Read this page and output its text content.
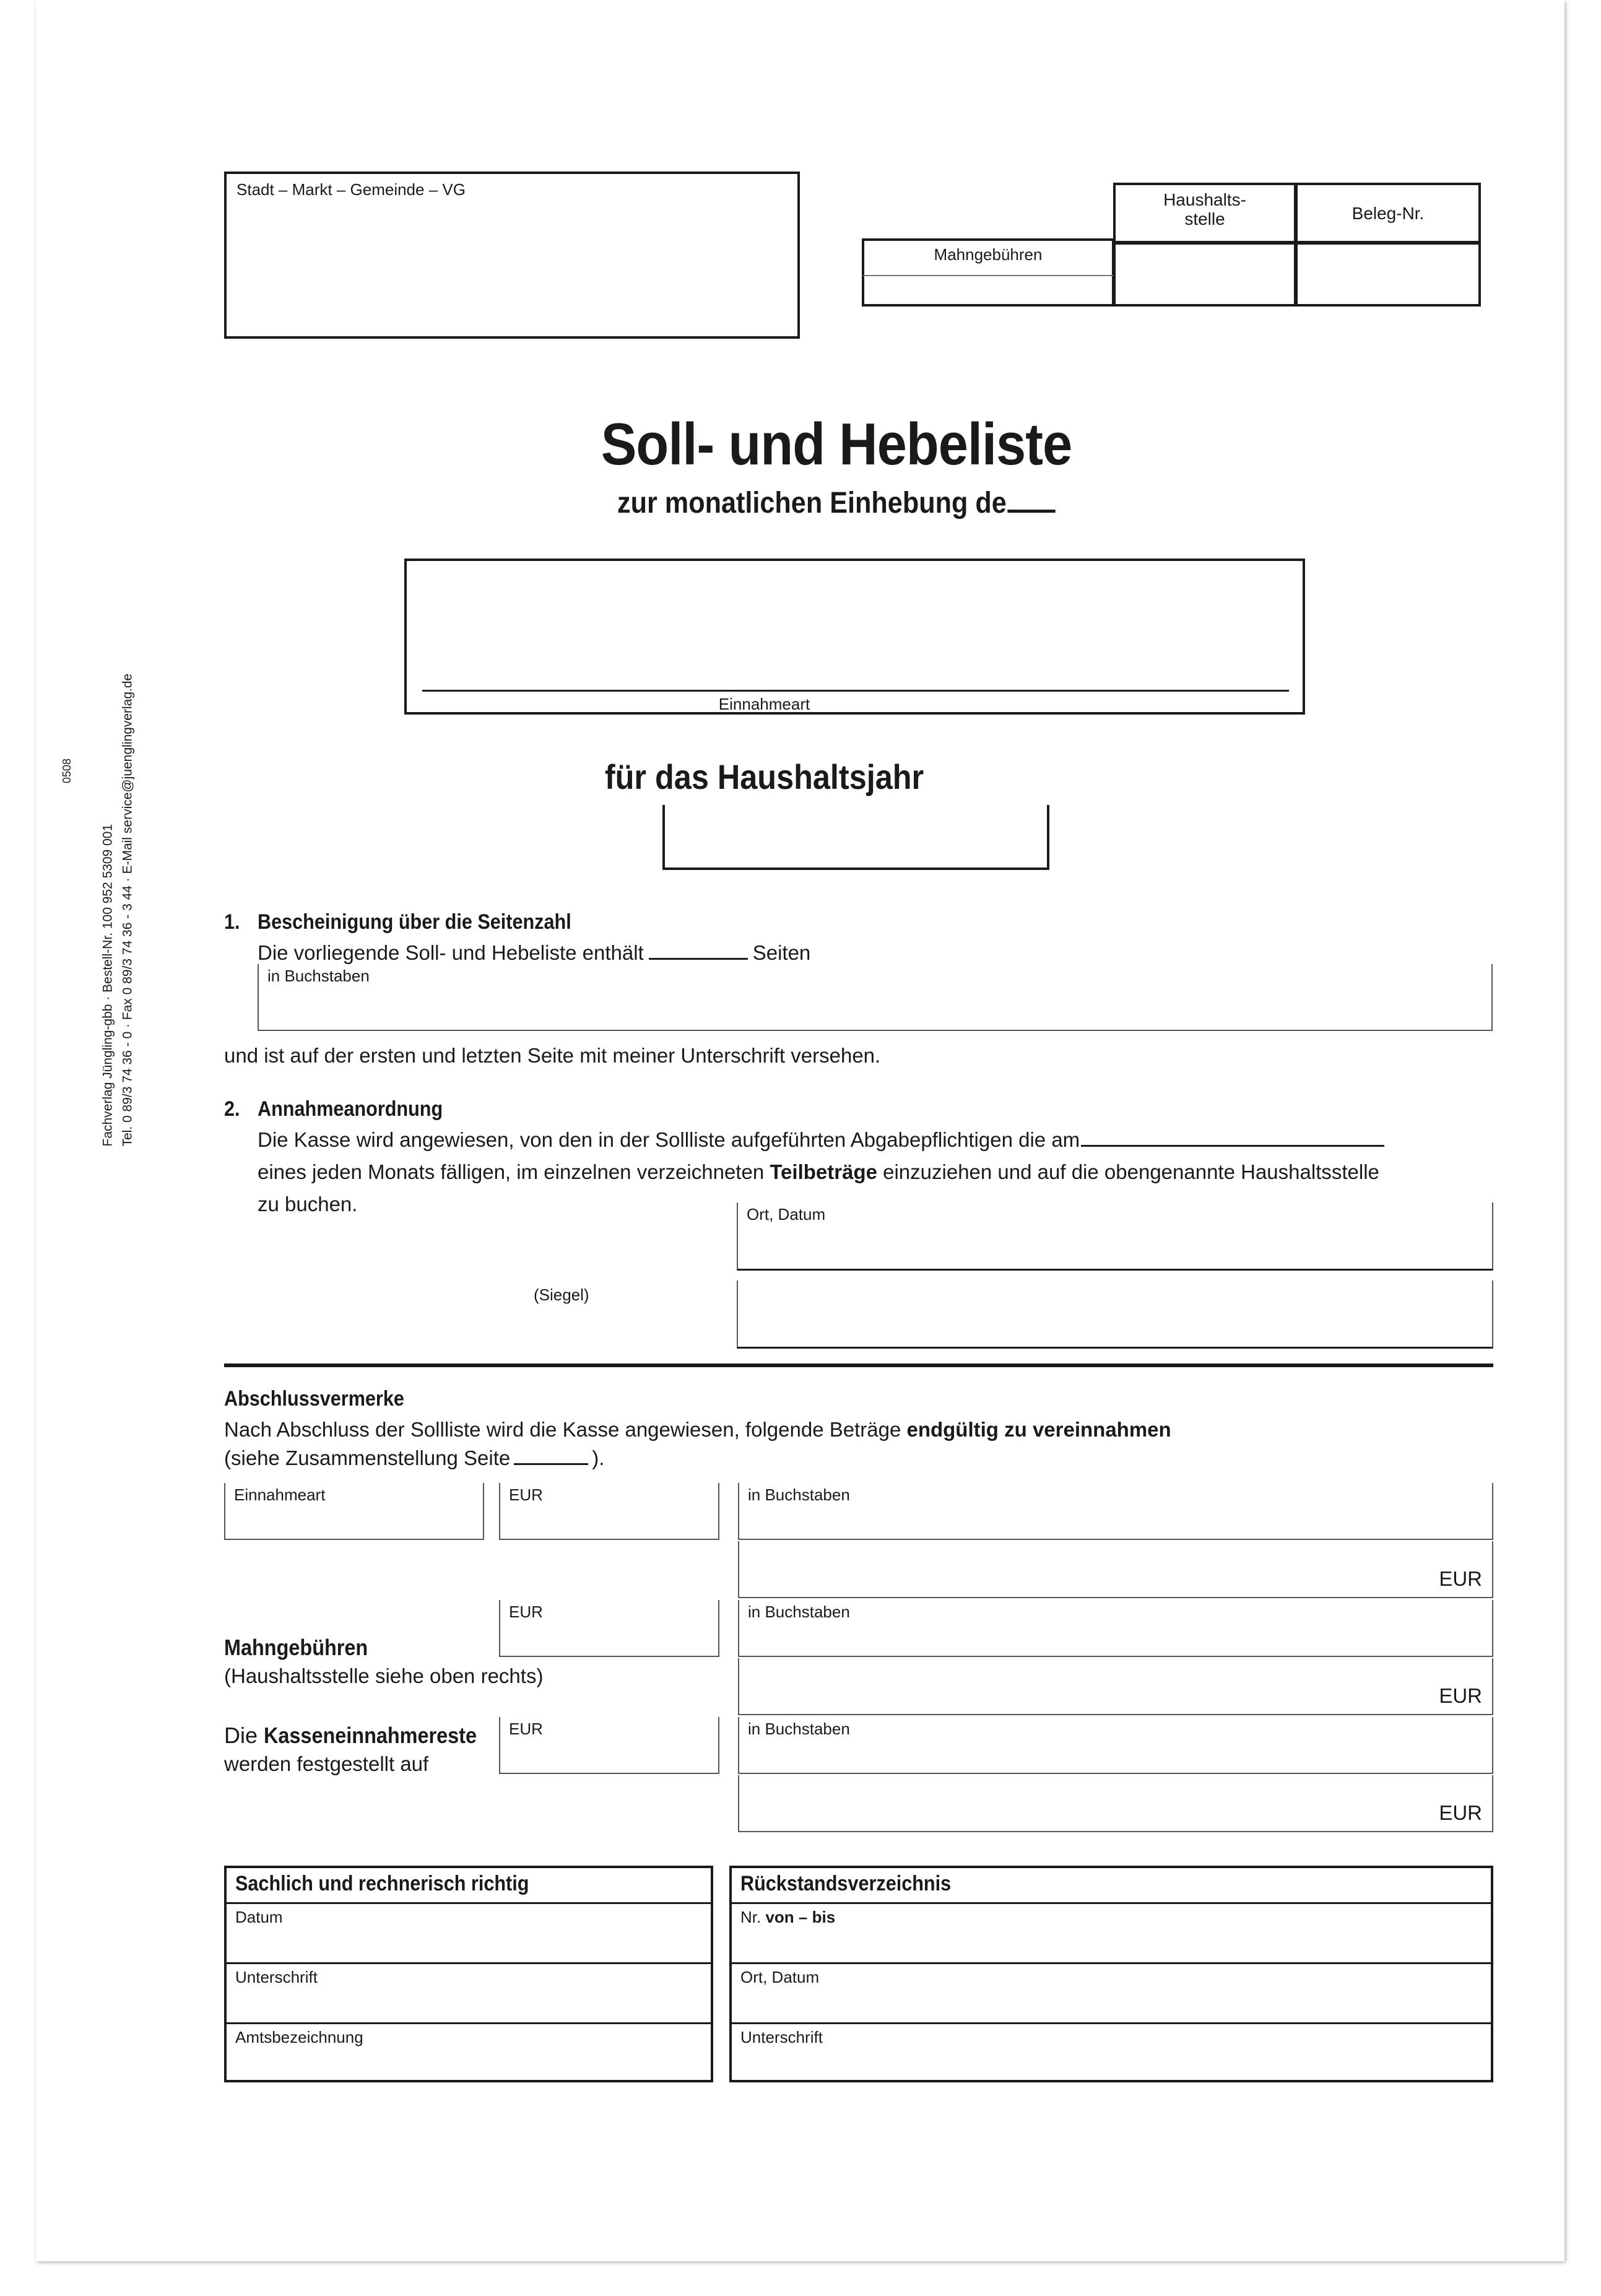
Stadt – Markt – Gemeinde – VG
Mahngebühren
Haushalts-
stelle	Beleg-Nr.
Soll- und Hebeliste
zur monatlichen Einhebung de
Einnahmeart
für das Haushaltsjahr
1. Bescheinigung über die Seitenzahl
Die vorliegende Soll- und Hebeliste enthält	Seiten
in Buchstaben
und ist auf der ersten und letzten Seite mit meiner Unterschrift versehen.
2. Annahmeanordnung
Die Kasse wird angewiesen, von den in der Sollliste aufgeführten Abgabepflichtigen die am
eines jeden Monats fälligen, im einzelnen verzeichneten Teilbeträge einzuziehen und auf die obengenannte Haushaltsstelle
zu buchen.	Ort, Datum
(Siegel)
Abschlussvermerke
Nach Abschluss der Sollliste wird die Kasse angewiesen, folgende Beträge endgültig zu vereinnahmen
(siehe Zusammenstellung Seite	).
Einnahmeart	EUR	in Buchstaben
EUR
Mahngebühren
(Haushaltsstelle siehe oben rechts)
EUR	in Buchstaben
EUR
Die Kasseneinnahmereste
werden festgestellt auf
EUR	in Buchstaben
EUR
Sachlich und rechnerisch richtig
Datum
Unterschrift
Amtsbezeichnung
Rückstandsverzeichnis
Nr. von – bis
Ort, Datum
Unterschrift
Fachverlag Jüngling-gbb · Bestell-Nr. 100 952 5309 001 Tel. 0 89/3 74 36 - 0 · Fax 0 89/3 74 36 - 3 44 · E-Mail service@juenglingverlag.de
0508
